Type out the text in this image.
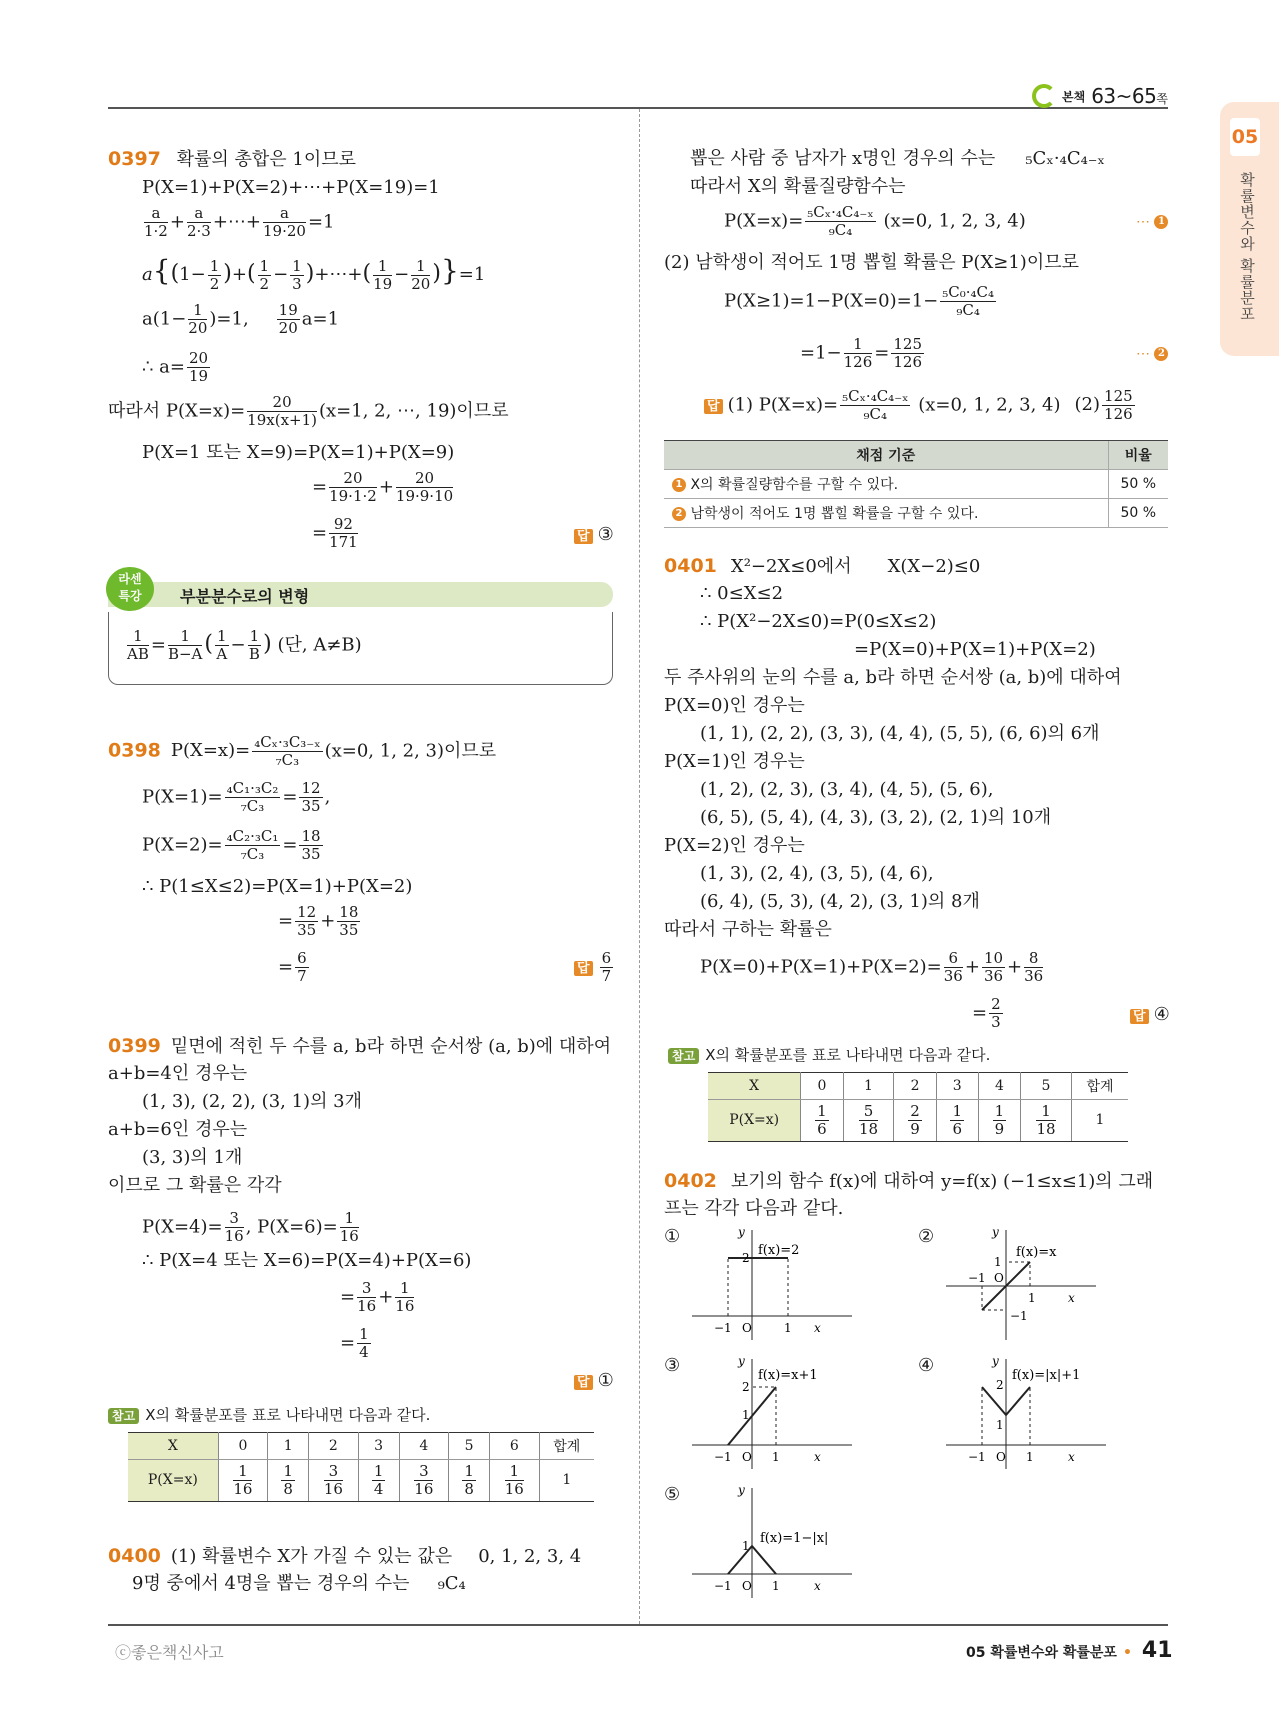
본책 63~65쪽
05
확률변수와 확률분포
0397 확률의 총합은 1이므로
P(X=1)+P(X=2)+⋯+P(X=19)=1
$\frac{a}{1\cdot 2} + \frac{a}{2\cdot 3}$ +⋯+ $\frac{a}{19\cdot 20} =1$
$a\{(1- \frac{1}{2}$ )+( $\frac{1}{2} - \frac{1}{3}$ )+⋯+( $\frac{1}{19} - \frac{1}{20} )\}=1$
$a(1- \frac{1}{20} )=1$, $\frac{19}{20} a=1$
∴ $a= \frac{20}{19}$
따라서 $P(X=x)= \frac{20}{19x(x+1)} (x=1$, 2, ⋯, 19)이므로
P(X=1 또는 X=9)=P(X=1)+P(X=9)
= $\frac{20}{19\cdot 1\cdot 2} + \frac{20}{19\cdot 9\cdot 10}$
= $\frac{92}{171}$	답 ③
라센
특강	부분분수로의 변형
$\frac{1}{AB} = \frac{1}{B-A}$ ( $\frac{1}{A} - \frac{1}{B}$ ) (단, A≠B)
0398 $P(X=x)= \frac{\text{₄Cₓ·₃C₃₋ₓ}}{\text{₇C₃}} (x=0$, 1, 2, 3)이므로
$P(X=1)= \frac{\text{₄C₁·₃C₂}}{\text{₇C₃}} = \frac{12}{35}$ ,
$P(X=2)= \frac{\text{₄C₂·₃C₁}}{\text{₇C₃}} = \frac{18}{35}$
∴ P(1≤X≤2)=P(X=1)+P(X=2)
= $\frac{12}{35} + \frac{18}{35}$
= $\frac{6}{7}$	답 $\frac{6}{7}$
0399 밑면에 적힌 두 수를 a, b라 하면 순서쌍 (a, b)에 대하여
a+b=4인 경우는
(1, 3), (2, 2), (3, 1)의 3개
a+b=6인 경우는
(3, 3)의 1개
이므로 그 확률은 각각
$P(X=4)= \frac{3}{16}$ , $P(X=6)= \frac{1}{16}$
∴ P(X=4 또는 X=6)=P(X=4)+P(X=6)
= $\frac{3}{16} + \frac{1}{16}$
= $\frac{1}{4}$
답 ①
참고 X의 확률분포를 표로 나타내면 다음과 같다.
X	0	1	2	3	4	5	6	합계
P(X=x)	$\frac{1}{16}$	$\frac{1}{8}$	$\frac{3}{16}$	$\frac{1}{4}$	$\frac{3}{16}$	$\frac{1}{8}$	$\frac{1}{16}$	1
0400 (1) 확률변수 X가 가질 수 있는 값은 0, 1, 2, 3, 4
9명 중에서 4명을 뽑는 경우의 수는 ₉C₄
뽑은 사람 중 남자가 x명인 경우의 수는 ₅Cₓ·₄C₄₋ₓ
따라서 X의 확률질량함수는
$P(X=x)= \frac{\text{₅Cₓ·₄C₄₋ₓ}}{\text{₉C₄}} (x=0$, 1, 2, 3, 4)	⋯ 1
(2) 남학생이 적어도 1명 뽑힐 확률은 P(X≥1)이므로
$P(X\ge 1)=1-P(X=0)=1- \frac{\text{₅C₀·₄C₄}}{\text{₉C₄}}$
$=1- \frac{1}{126} = \frac{125}{126}$	⋯ 2
답 (1) $P(X=x)= \frac{\text{₅Cₓ·₄C₄₋ₓ}}{\text{₉C₄}} (x=0$, 1, 2, 3, 4) $(2) \frac{125}{126}$
채점 기준	비율
1 X의 확률질량함수를 구할 수 있다.	50 %
2 남학생이 적어도 1명 뽑힐 확률을 구할 수 있다.	50 %
0401 X²−2X≤0에서 X(X−2)≤0
∴ 0≤X≤2
∴ P(X²−2X≤0)=P(0≤X≤2)
=P(X=0)+P(X=1)+P(X=2)
두 주사위의 눈의 수를 a, b라 하면 순서쌍 (a, b)에 대하여
P(X=0)인 경우는
(1, 1), (2, 2), (3, 3), (4, 4), (5, 5), (6, 6)의 6개
P(X=1)인 경우는
(1, 2), (2, 3), (3, 4), (4, 5), (5, 6),
(6, 5), (5, 4), (4, 3), (3, 2), (2, 1)의 10개
P(X=2)인 경우는
(1, 3), (2, 4), (3, 5), (4, 6),
(6, 4), (5, 3), (4, 2), (3, 1)의 8개
따라서 구하는 확률은
$P(X=0)+P(X=1)+P(X=2)= \frac{6}{36} + \frac{10}{36} + \frac{8}{36}$
= $\frac{2}{3}$	답 ④
참고 X의 확률분포를 표로 나타내면 다음과 같다.
X	0	1	2	3	4	5	합계
P(X=x)	$\frac{1}{6}$	$\frac{5}{18}$	$\frac{2}{9}$	$\frac{1}{6}$	$\frac{1}{9}$	$\frac{1}{18}$	1
0402 보기의 함수 f(x)에 대하여 y=f(x) (−1≤x≤1)의 그래
프는 각각 다음과 같다.
①
2
y
−1 O	1 x
f(x)=2
②
1
y
−1 O
1
−1
x
f(x)=x
③
2
1
y
−1 O 1	x
f(x)=x+1	④
2
1
y
−1 O 1	x
f(x)=|x|+1
⑤
1
y
−1 O 1	x
f(x)=1−|x|
ⓒ좋은책신사고	05 확률변수와 확률분포 • 41
